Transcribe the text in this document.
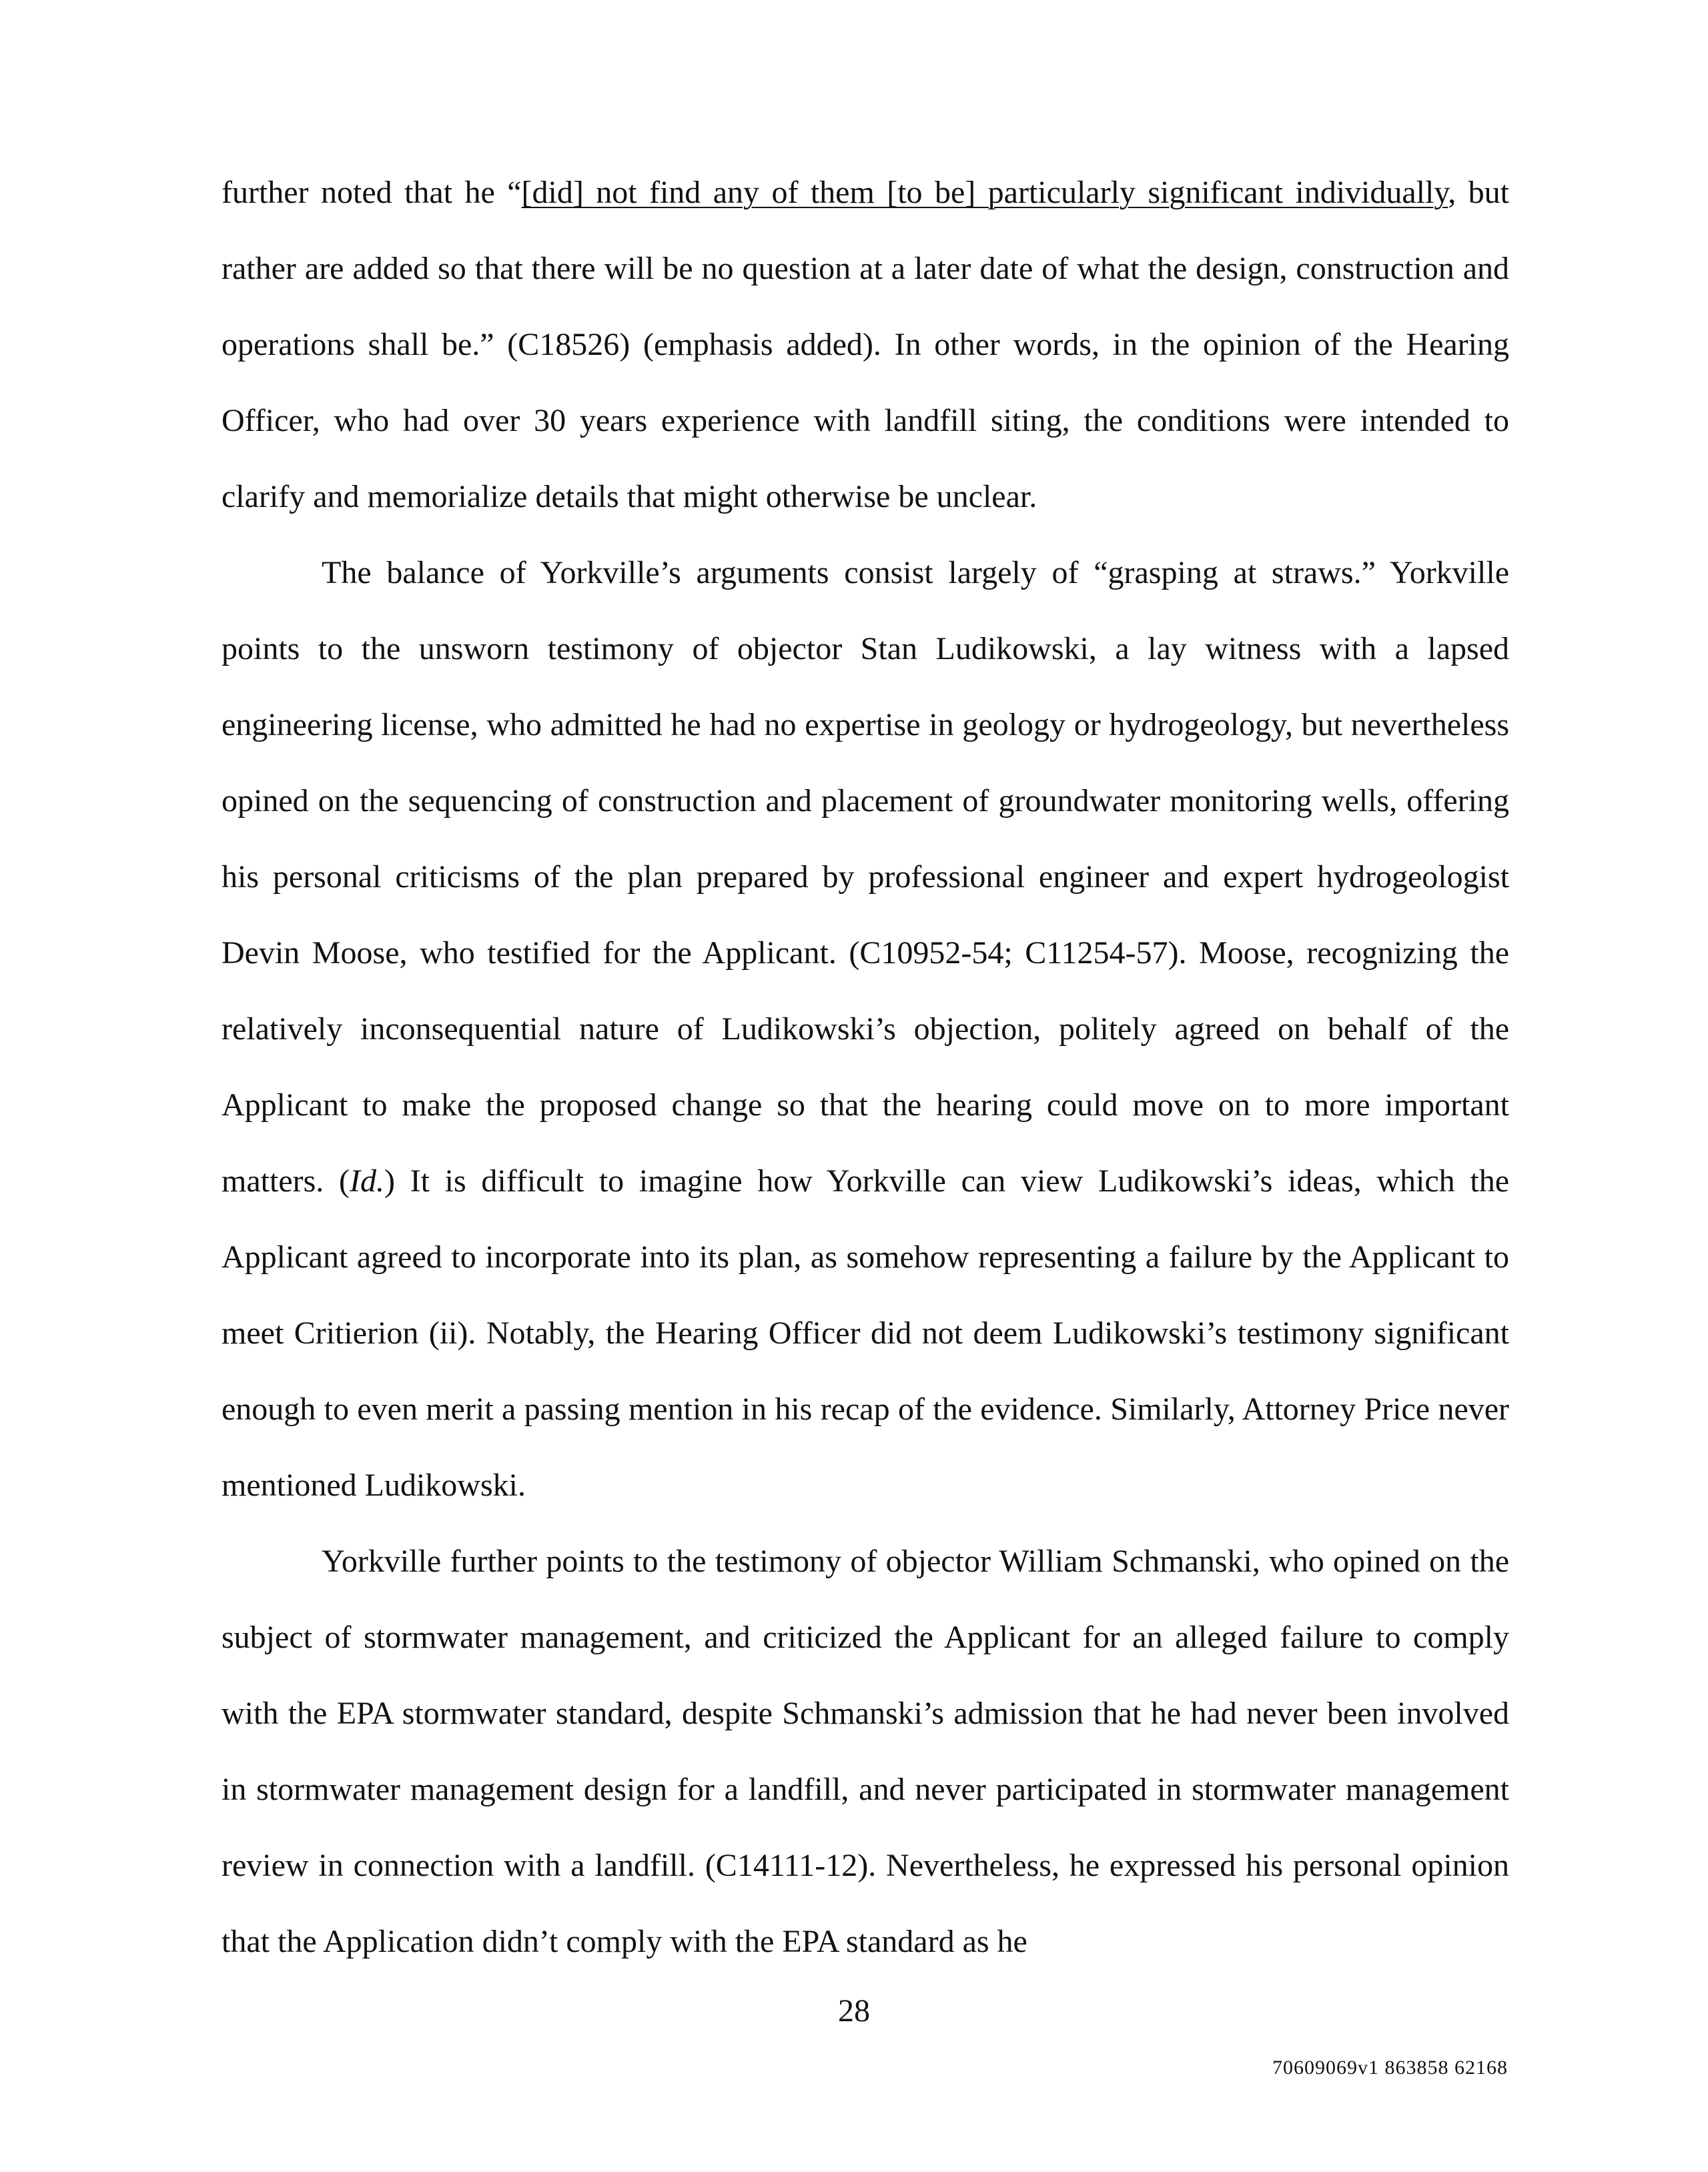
further noted that he “[did] not find any of them [to be] particularly significant individually, but rather are added so that there will be no question at a later date of what the design, construction and operations shall be.” (C18526) (emphasis added). In other words, in the opinion of the Hearing Officer, who had over 30 years experience with landfill siting, the conditions were intended to clarify and memorialize details that might otherwise be unclear.

The balance of Yorkville’s arguments consist largely of “grasping at straws.” Yorkville points to the unsworn testimony of objector Stan Ludikowski, a lay witness with a lapsed engineering license, who admitted he had no expertise in geology or hydrogeology, but nevertheless opined on the sequencing of construction and placement of groundwater monitoring wells, offering his personal criticisms of the plan prepared by professional engineer and expert hydrogeologist Devin Moose, who testified for the Applicant. (C10952-54; C11254-57). Moose, recognizing the relatively inconsequential nature of Ludikowski’s objection, politely agreed on behalf of the Applicant to make the proposed change so that the hearing could move on to more important matters. (Id.) It is difficult to imagine how Yorkville can view Ludikowski’s ideas, which the Applicant agreed to incorporate into its plan, as somehow representing a failure by the Applicant to meet Critierion (ii). Notably, the Hearing Officer did not deem Ludikowski’s testimony significant enough to even merit a passing mention in his recap of the evidence. Similarly, Attorney Price never mentioned Ludikowski.

Yorkville further points to the testimony of objector William Schmanski, who opined on the subject of stormwater management, and criticized the Applicant for an alleged failure to comply with the EPA stormwater standard, despite Schmanski’s admission that he had never been involved in stormwater management design for a landfill, and never participated in stormwater management review in connection with a landfill. (C14111-12). Nevertheless, he expressed his personal opinion that the Application didn’t comply with the EPA standard as he

28
70609069v1 863858 62168
